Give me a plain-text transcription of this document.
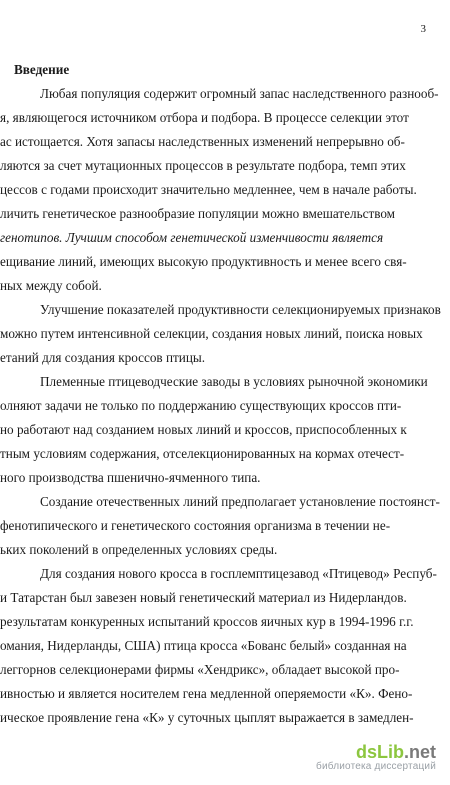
3
Введение
Любая популяция содержит огромный запас наследственного разнооб-
я, являющегося источником отбора и подбора. В процессе селекции этот
ас истощается. Хотя запасы наследственных изменений непрерывно об-
ляются за счет мутационных процессов в результате подбора, темп этих
цессов с годами происходит значительно медленнее, чем в начале работы.
личить генетическое разнообразие популяции можно вмешательством
генотипов. Лучшим способом генетической изменчивости является
ещивание линий, имеющих высокую продуктивность и менее всего свя-
ных между собой.
Улучшение показателей продуктивности селекционируемых признаков
можно путем интенсивной селекции, создания новых линий, поиска новых
етаний для создания кроссов птицы.
Племенные птицеводческие заводы в условиях рыночной экономики
олняют задачи не только по поддержанию существующих кроссов пти-
но работают над созданием новых линий и кроссов, приспособленных к
тным условиям содержания, отселекционированных на кормах отечест-
ного производства пшенично-ячменного типа.
Создание отечественных линий предполагает установление постоянст-
фенотипического и генетического состояния организма в течении не-
ьких поколений в определенных условиях среды.
Для создания нового кросса в госплемптицезавод «Птицевод» Респуб-
и Татарстан был завезен новый генетический материал из Нидерландов.
результатам конкуренных испытаний кроссов яичных кур в 1994-1996 г.г.
омания, Нидерланды, США) птица кросса «Бованс белый» созданная на
леггорнов селекционерами фирмы «Хендрикс», обладает высокой про-
ивностью и является носителем гена медленной оперяемости «К». Фено-
ическое проявление гена «К» у суточных цыплят выражается в замедлен-
dsLib.net
библиотека диссертаций
